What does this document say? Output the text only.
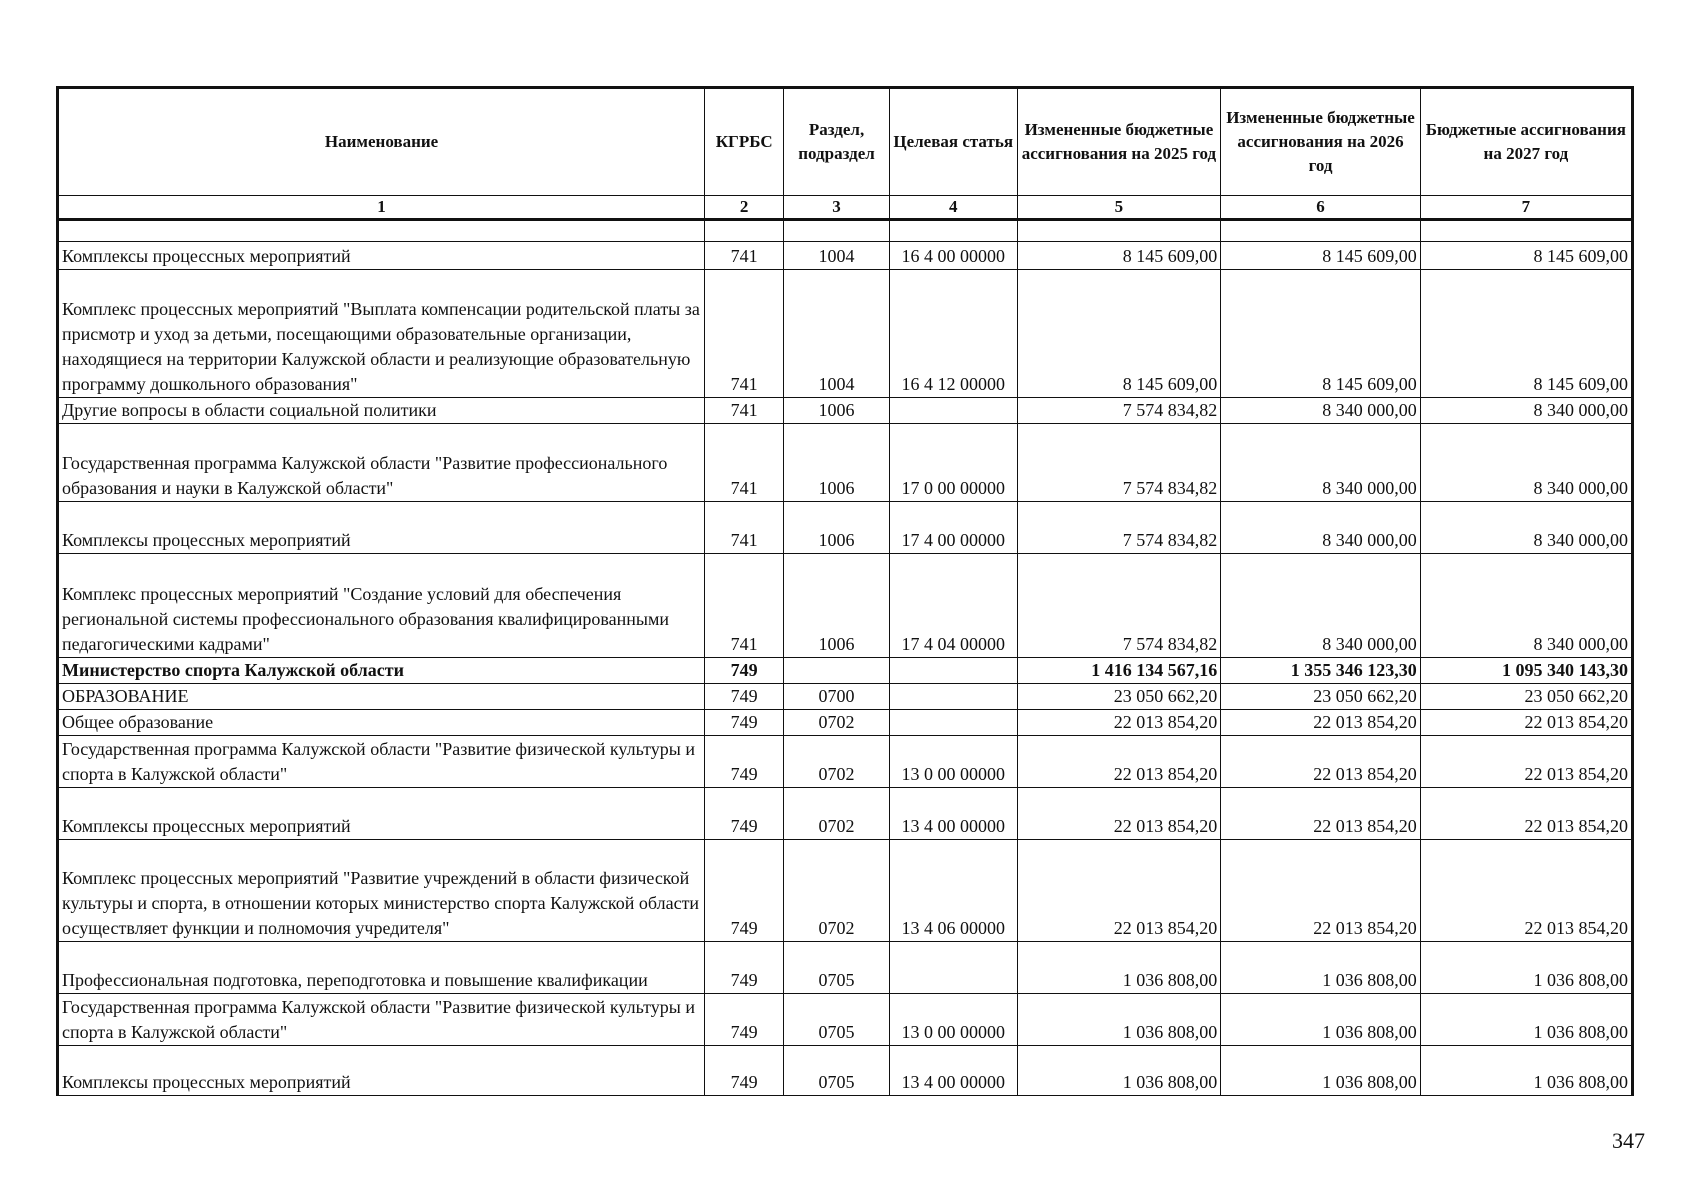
Наименование	КГРБС	Раздел, подраздел	Целевая статья	Измененные бюджетные ассигнования на 2025 год	Измененные бюджетные ассигнования на 2026 год	Бюджетные ассигнования на 2027 год
1	2	3	4	5	6	7

Комплексы процессных мероприятий	741	1004	16 4 00 00000	8 145 609,00	8 145 609,00	8 145 609,00
Комплекс процессных мероприятий "Выплата компенсации родительской платы за присмотр и уход за детьми, посещающими образовательные организации, находящиеся на территории Калужской области и реализующие образовательную программу дошкольного образования"	741	1004	16 4 12 00000	8 145 609,00	8 145 609,00	8 145 609,00
Другие вопросы в области социальной политики	741	1006		7 574 834,82	8 340 000,00	8 340 000,00
Государственная программа Калужской области "Развитие профессионального образования и науки в Калужской области"	741	1006	17 0 00 00000	7 574 834,82	8 340 000,00	8 340 000,00
Комплексы процессных мероприятий	741	1006	17 4 00 00000	7 574 834,82	8 340 000,00	8 340 000,00
Комплекс процессных мероприятий "Создание условий для обеспечения региональной системы профессионального образования квалифицированными педагогическими кадрами"	741	1006	17 4 04 00000	7 574 834,82	8 340 000,00	8 340 000,00
Министерство спорта Калужской области	749			1 416 134 567,16	1 355 346 123,30	1 095 340 143,30
ОБРАЗОВАНИЕ	749	0700		23 050 662,20	23 050 662,20	23 050 662,20
Общее образование	749	0702		22 013 854,20	22 013 854,20	22 013 854,20
Государственная программа Калужской области "Развитие физической культуры и спорта в Калужской области"	749	0702	13 0 00 00000	22 013 854,20	22 013 854,20	22 013 854,20
Комплексы процессных мероприятий	749	0702	13 4 00 00000	22 013 854,20	22 013 854,20	22 013 854,20
Комплекс процессных мероприятий "Развитие учреждений в области физической культуры и спорта, в отношении которых министерство спорта Калужской области осуществляет функции и полномочия учредителя"	749	0702	13 4 06 00000	22 013 854,20	22 013 854,20	22 013 854,20
Профессиональная подготовка, переподготовка и повышение квалификации	749	0705		1 036 808,00	1 036 808,00	1 036 808,00
Государственная программа Калужской области "Развитие физической культуры и спорта в Калужской области"	749	0705	13 0 00 00000	1 036 808,00	1 036 808,00	1 036 808,00
Комплексы процессных мероприятий	749	0705	13 4 00 00000	1 036 808,00	1 036 808,00	1 036 808,00
347
